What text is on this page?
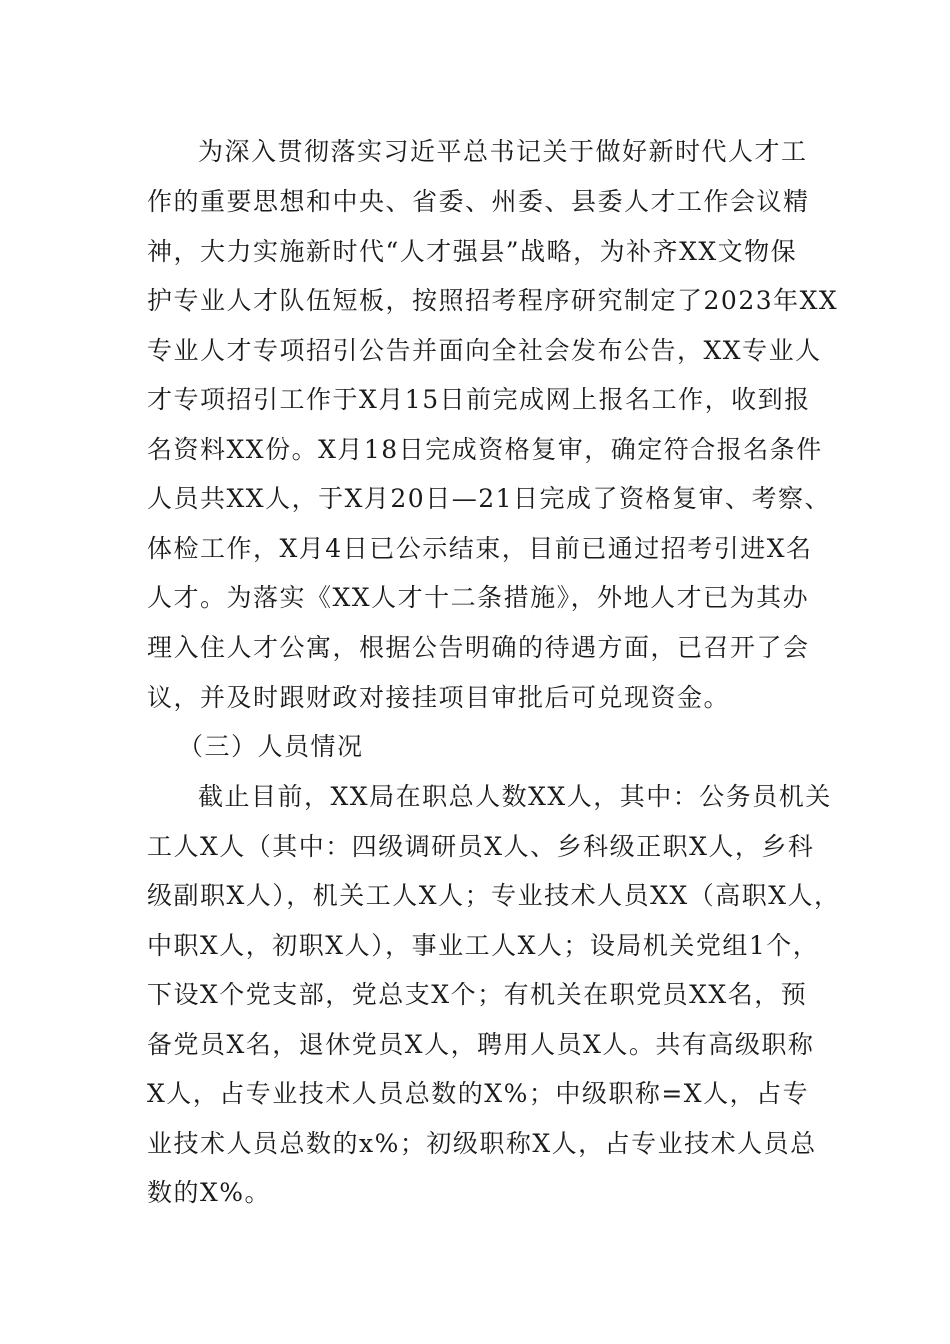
为深入贯彻落实习近平总书记关于做好新时代人才工
作的重要思想和中央、省委、州委、县委人才工作会议精
神，大力实施新时代“人才强县”战略，为补齐XX文物保
护专业人才队伍短板，按照招考程序研究制定了2023年XX
专业人才专项招引公告并面向全社会发布公告，XX专业人
才专项招引工作于X月15日前完成网上报名工作，收到报
名资料XX份。X月18日完成资格复审，确定符合报名条件
人员共XX人，于X月20日—21日完成了资格复审、考察、
体检工作，X月4日已公示结束，目前已通过招考引进X名
人才。为落实《XX人才十二条措施》，外地人才已为其办
理入住人才公寓，根据公告明确的待遇方面，已召开了会
议，并及时跟财政对接挂项目审批后可兑现资金。
（三）人员情况
截止目前，XX局在职总人数XX人，其中：公务员机关
工人X人（其中：四级调研员X人、乡科级正职X人，乡科
级副职X人），机关工人X人；专业技术人员XX（高职X人，
中职X人，初职X人），事业工人X人；设局机关党组1个，
下设X个党支部，党总支X个；有机关在职党员XX名，预
备党员X名，退休党员X人，聘用人员X人。共有高级职称
X人，占专业技术人员总数的X%；中级职称=X人，占专
业技术人员总数的x%；初级职称X人，占专业技术人员总
数的X%。
